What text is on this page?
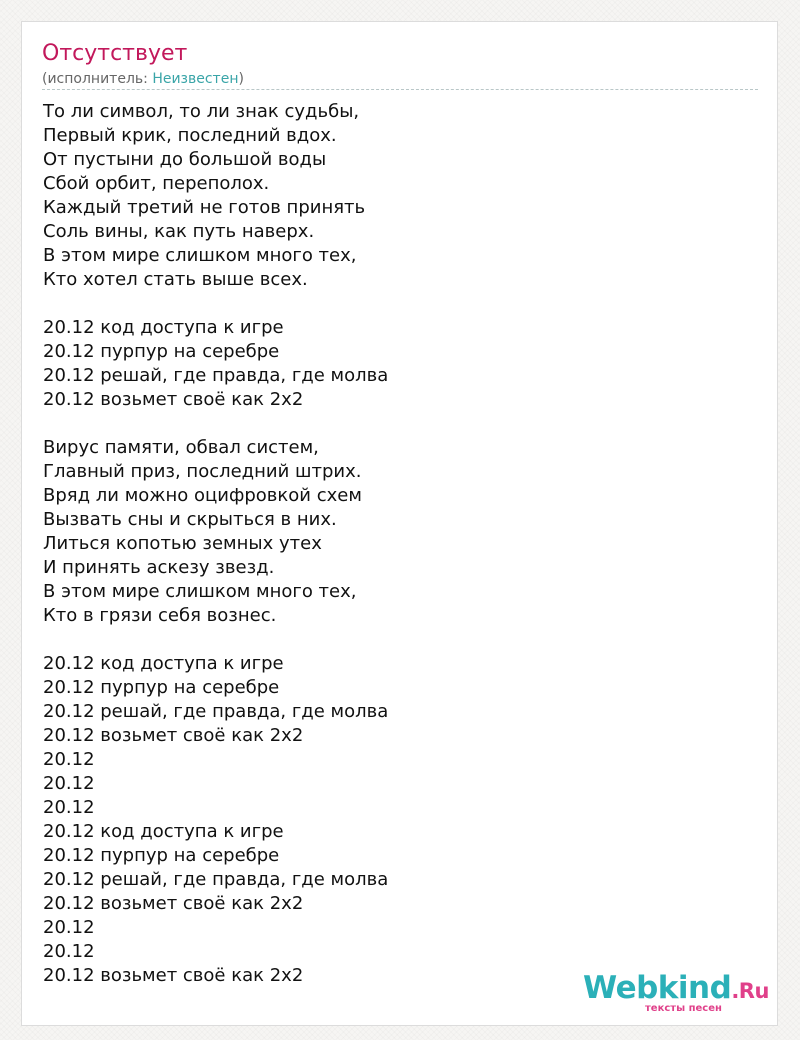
Отсутствует
(исполнитель: Неизвестен)
То ли символ, то ли знак судьбы,
Первый крик, последний вдох.
От пустыни до большой воды
Сбой орбит, переполох.
Каждый третий не готов принять
Соль вины, как путь наверх.
В этом мире слишком много тех,
Кто хотел стать выше всех.
20.12 код доступа к игре
20.12 пурпур на серебре
20.12 решай, где правда, где молва
20.12 возьмет своё как 2х2
Вирус памяти, обвал систем,
Главный приз, последний штрих.
Вряд ли можно оцифровкой схем
Вызвать сны и скрыться в них.
Литься копотью земных утех
И принять аскезу звезд.
В этом мире слишком много тех,
Кто в грязи себя вознес.
20.12 код доступа к игре
20.12 пурпур на серебре
20.12 решай, где правда, где молва
20.12 возьмет своё как 2х2
20.12
20.12
20.12
20.12 код доступа к игре
20.12 пурпур на серебре
20.12 решай, где правда, где молва
20.12 возьмет своё как 2х2
20.12
20.12
20.12 возьмет своё как 2х2	Webkind.Ru
тексты песен
